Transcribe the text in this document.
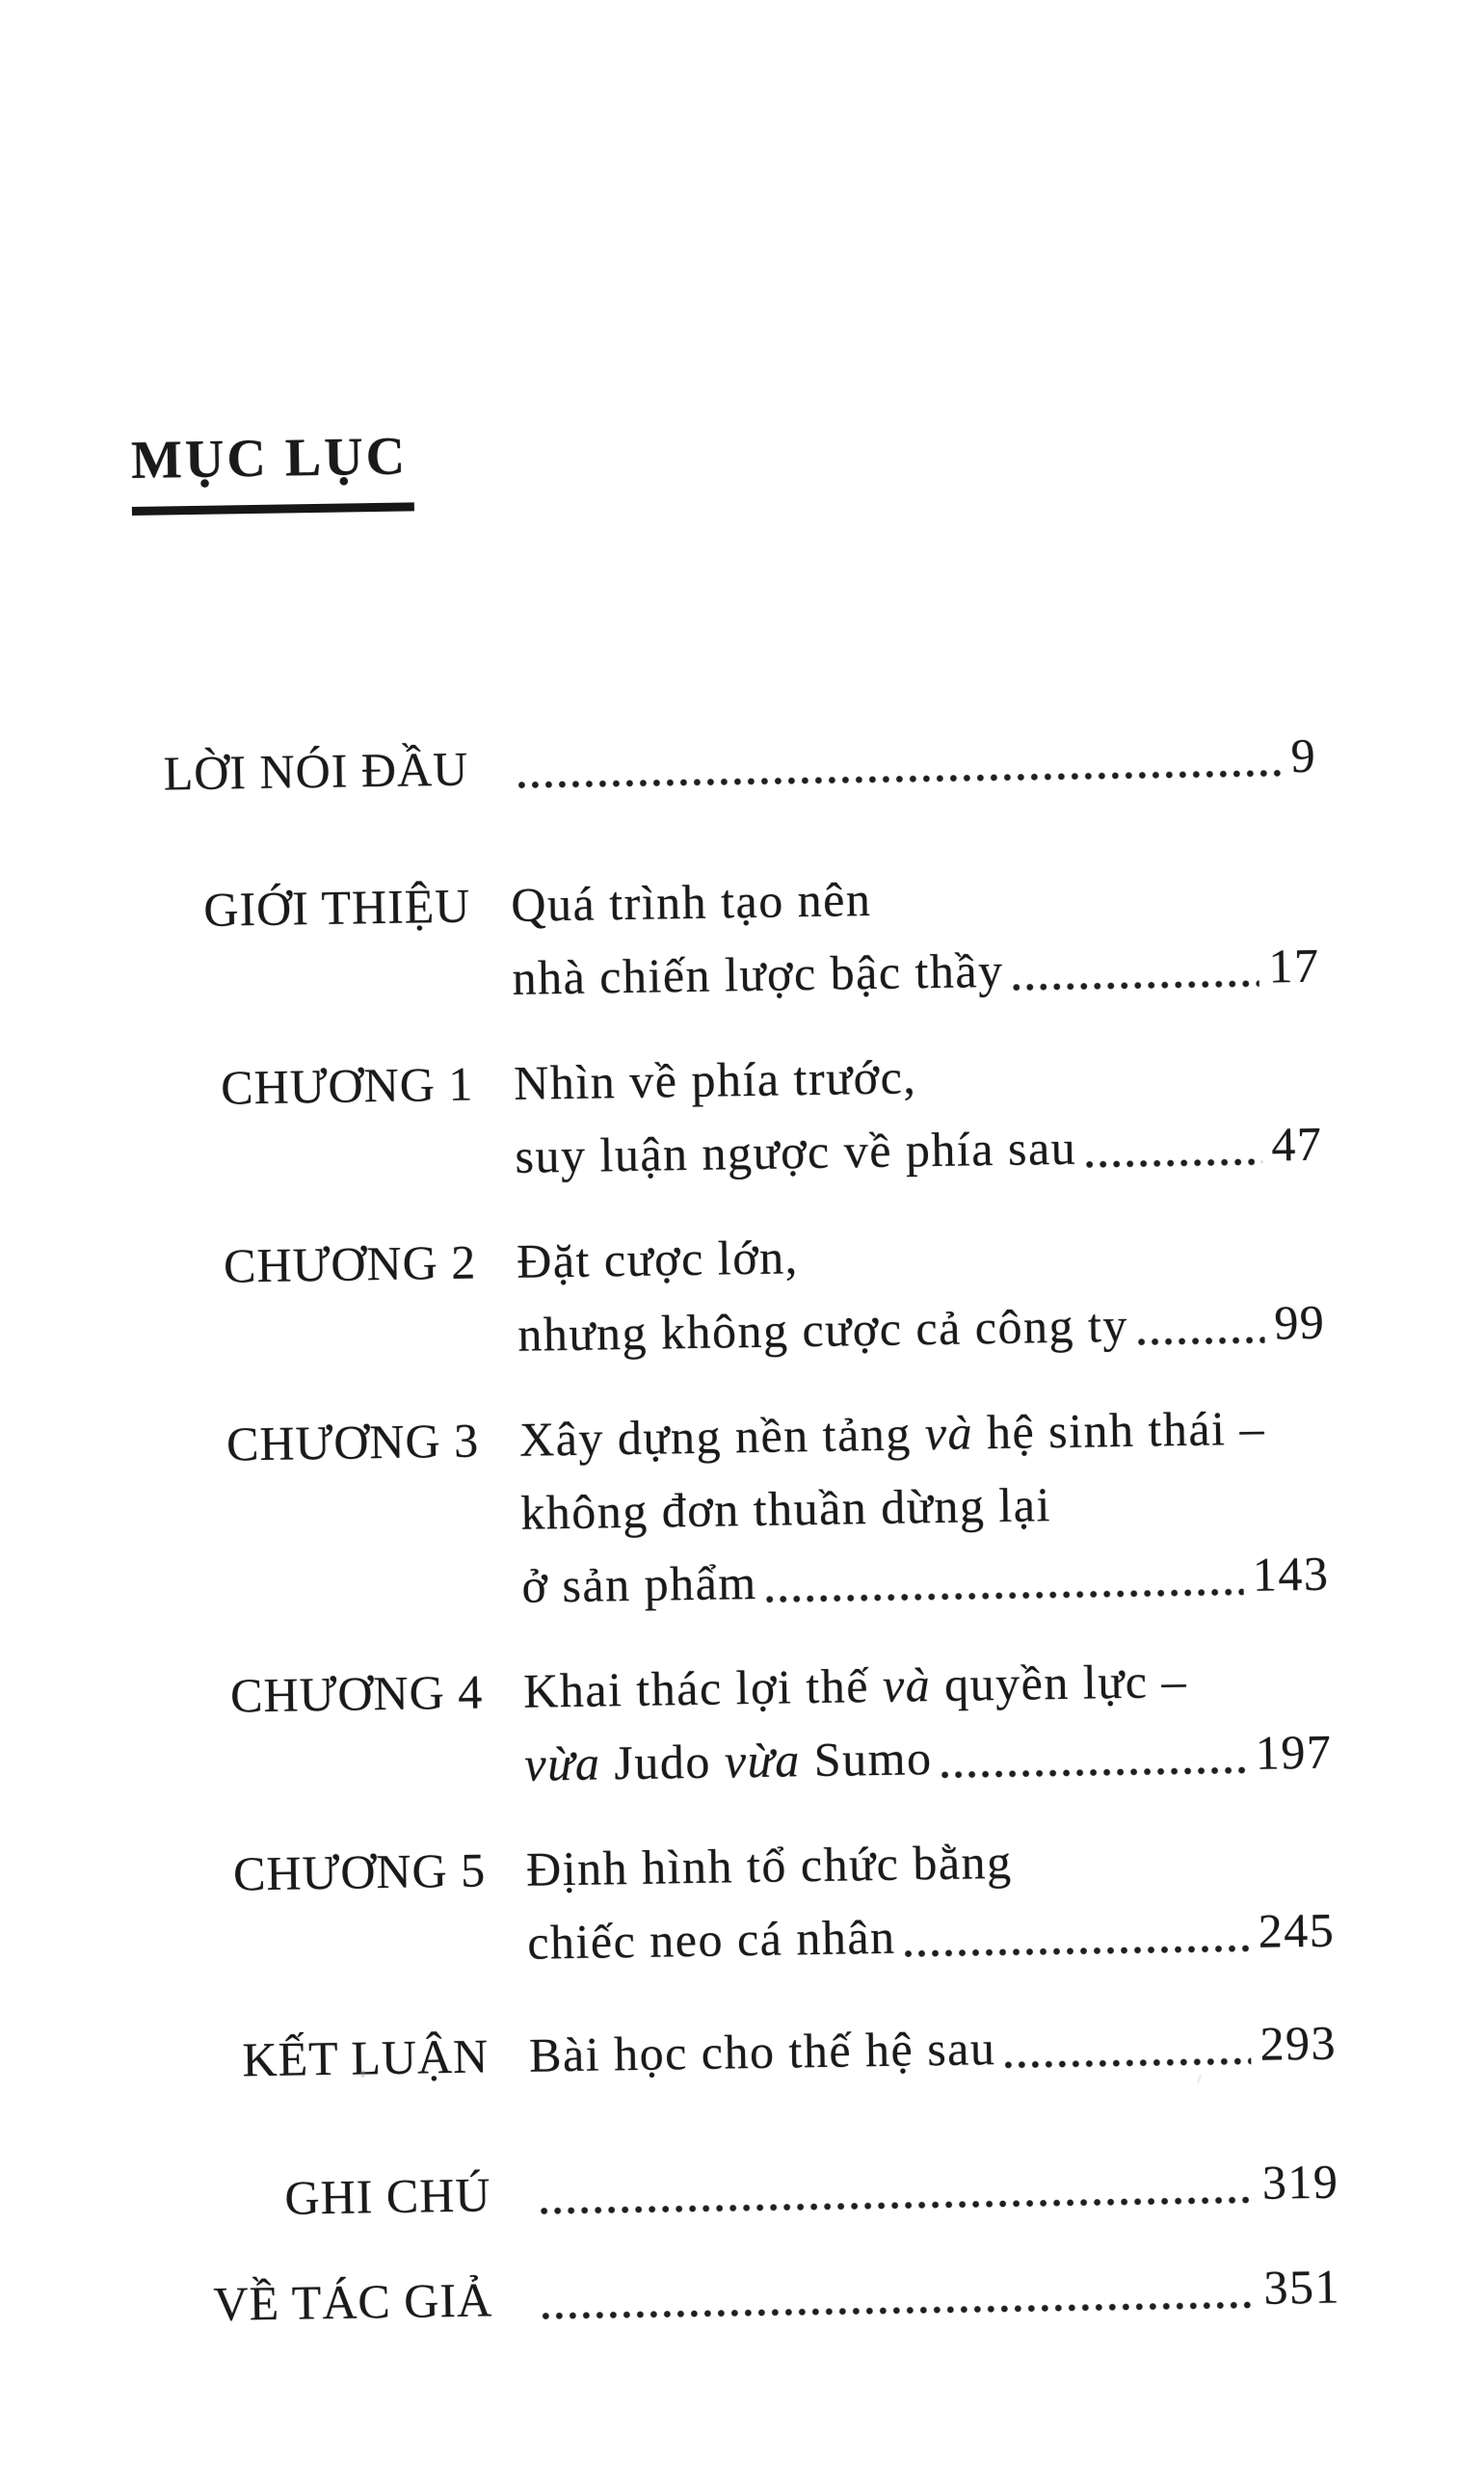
MỤC LỤC
LỜI NÓI ĐẦU	9
GIỚI THIỆU Quá trình tạo nên
nhà chiến lược bậc thầy	17
CHƯƠNG 1 Nhìn về phía trước,
suy luận ngược về phía sau	47
CHƯƠNG 2 Đặt cược lớn,
nhưng không cược cả công ty	99
CHƯƠNG 3 Xây dựng nền tảng và hệ sinh thái –
không đơn thuần dừng lại
ở sản phẩm	143
CHƯƠNG 4 Khai thác lợi thế và quyền lực –
vừa Judo vừa Sumo	197
CHƯƠNG 5 Định hình tổ chức bằng
chiếc neo cá nhân	245
KẾT LUẬN Bài học cho thế hệ sau	293
GHI CHÚ	319
VỀ TÁC GIẢ	351
